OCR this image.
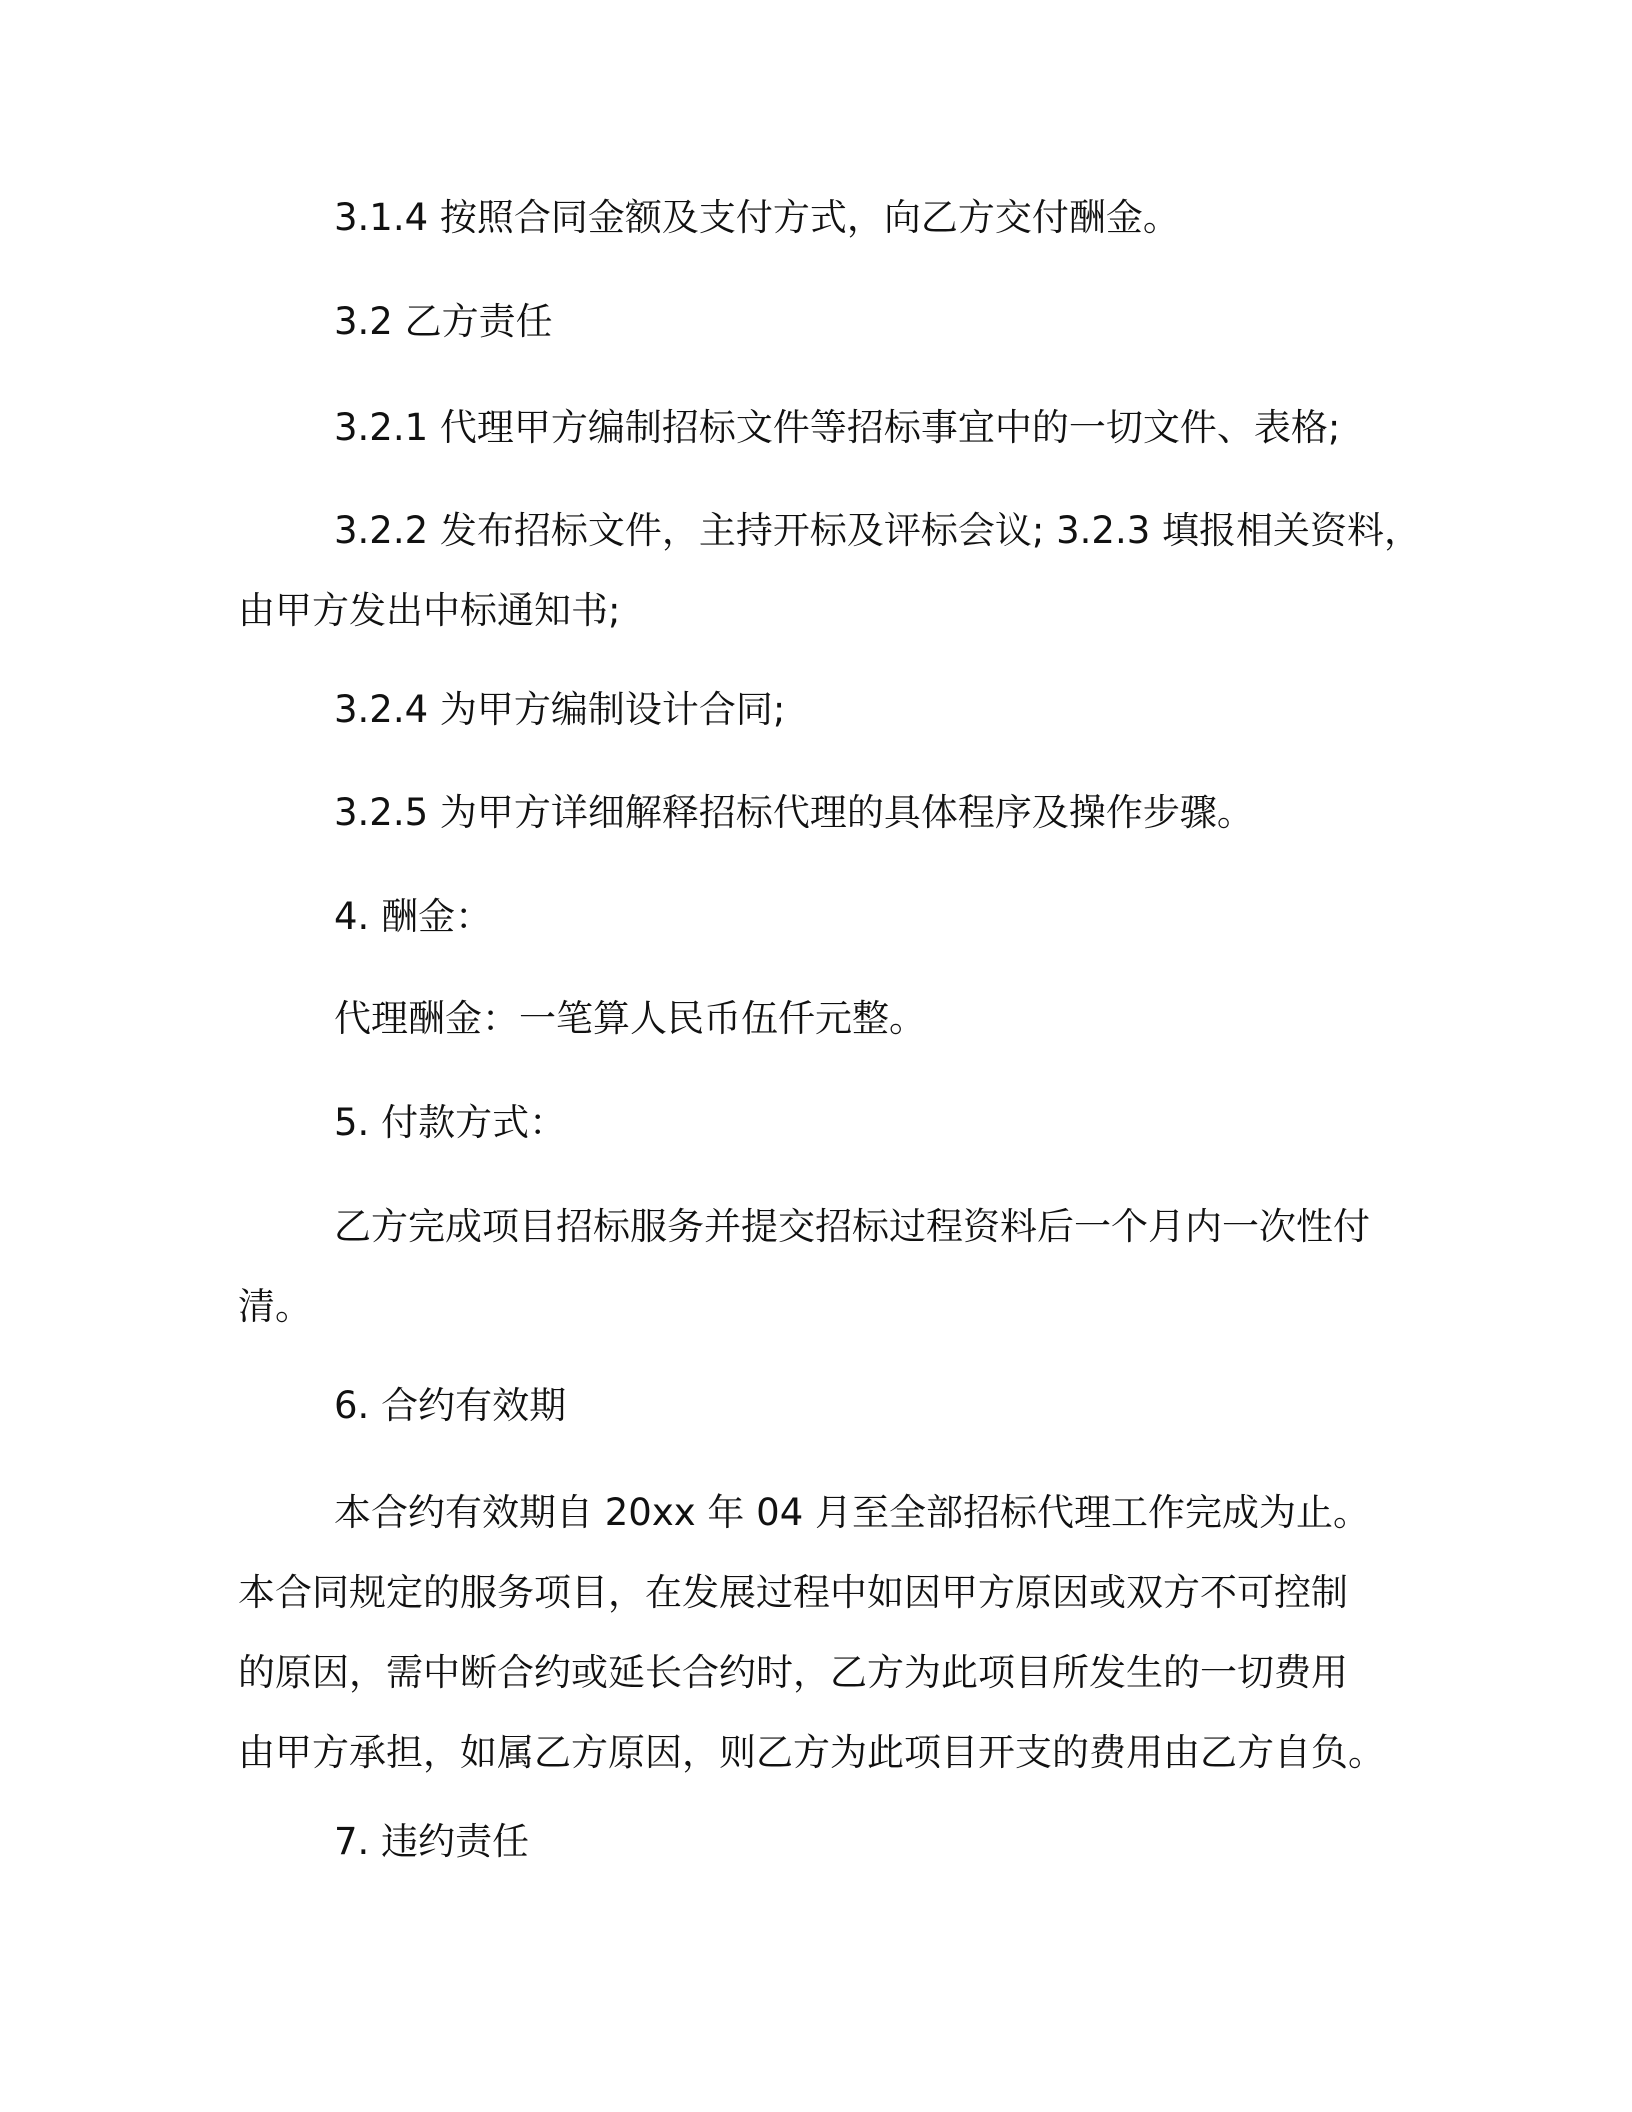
3.1.4 按照合同金额及支付方式，向乙方交付酬金。
3.2 乙方责任
3.2.1 代理甲方编制招标文件等招标事宜中的一切文件、表格;
3.2.2 发布招标文件，主持开标及评标会议; 3.2.3 填报相关资料，
由甲方发出中标通知书;
3.2.4 为甲方编制设计合同;
3.2.5 为甲方详细解释招标代理的具体程序及操作步骤。
4. 酬金：
代理酬金：一笔算人民币伍仟元整。
5. 付款方式：
乙方完成项目招标服务并提交招标过程资料后一个月内一次性付
清。
6. 合约有效期
本合约有效期自 20xx 年 04 月至全部招标代理工作完成为止。
本合同规定的服务项目，在发展过程中如因甲方原因或双方不可控制
的原因，需中断合约或延长合约时，乙方为此项目所发生的一切费用
由甲方承担，如属乙方原因，则乙方为此项目开支的费用由乙方自负。
7. 违约责任
